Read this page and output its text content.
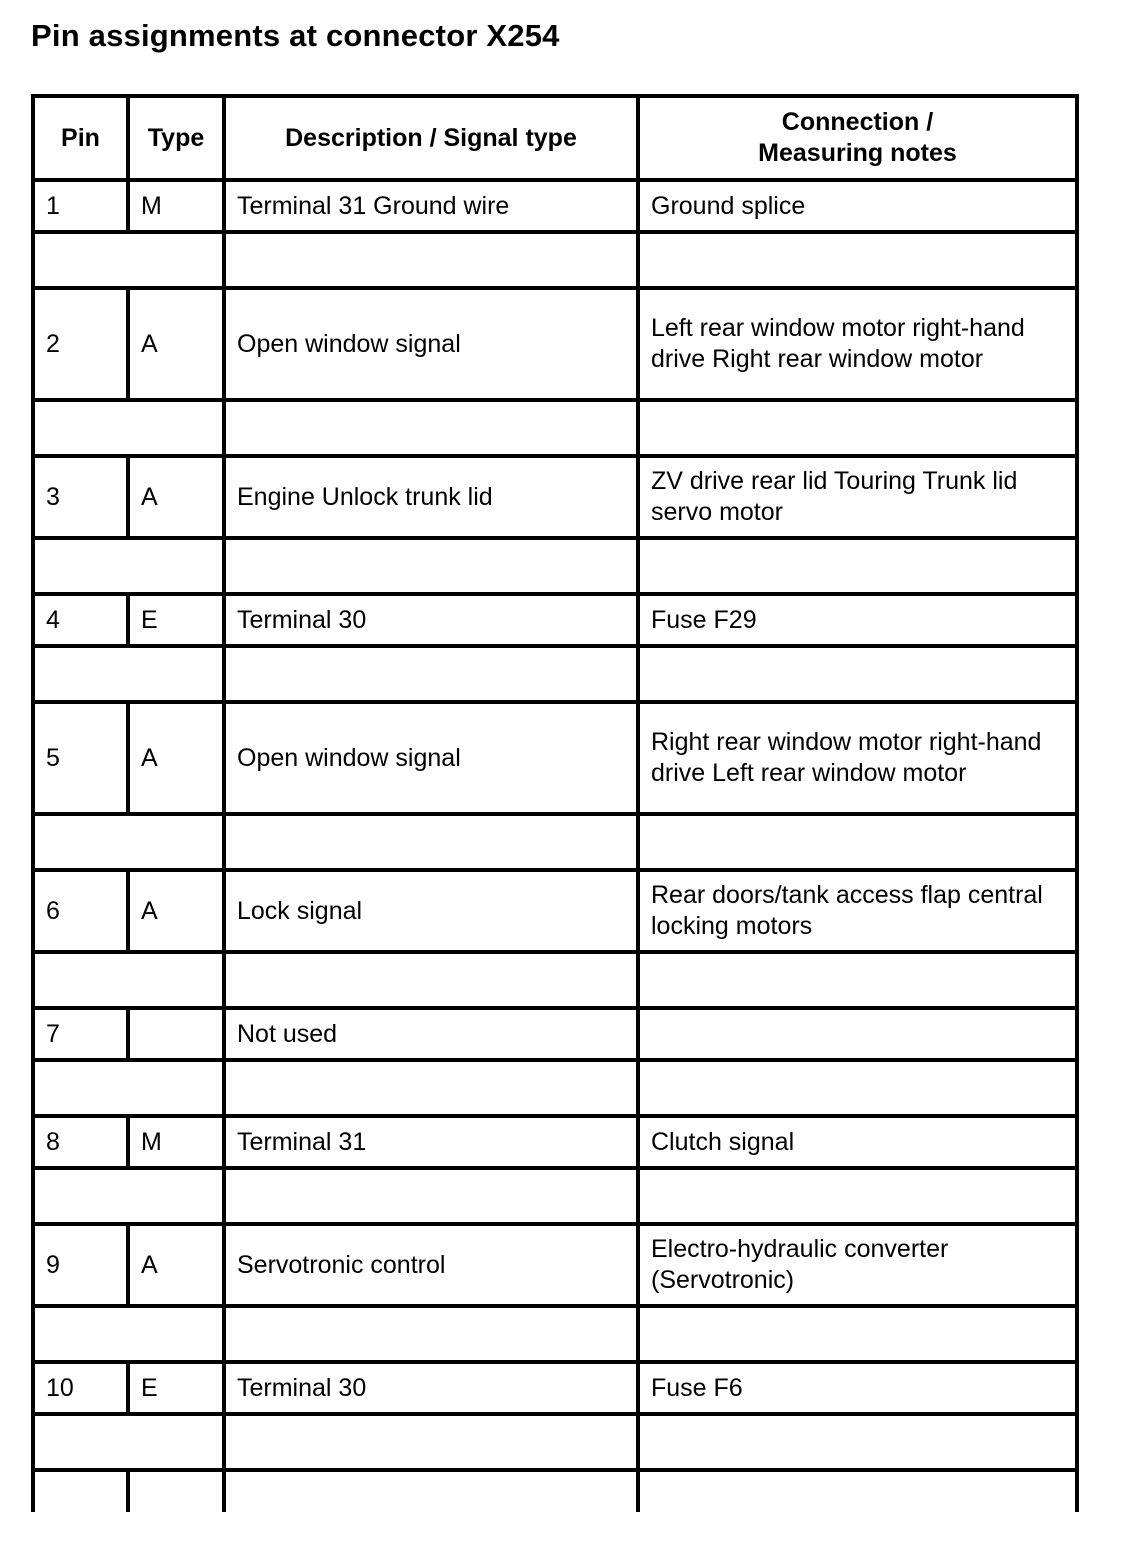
Pin assignments at connector X254
Pin	Type	Description / Signal type	Connection /
Measuring notes
1	M	Terminal 31 Ground wire	Ground splice

2	A	Open window signal	Left rear window motor right-hand drive Right rear window motor

3	A	Engine Unlock trunk lid	ZV drive rear lid Touring Trunk lid servo motor

4	E	Terminal 30	Fuse F29

5	A	Open window signal	Right rear window motor right-hand drive Left rear window motor

6	A	Lock signal	Rear doors/tank access flap central locking motors

7		Not used	

8	M	Terminal 31	Clutch signal

9	A	Servotronic control	Electro-hydraulic converter (Servotronic)

10	E	Terminal 30	Fuse F6
